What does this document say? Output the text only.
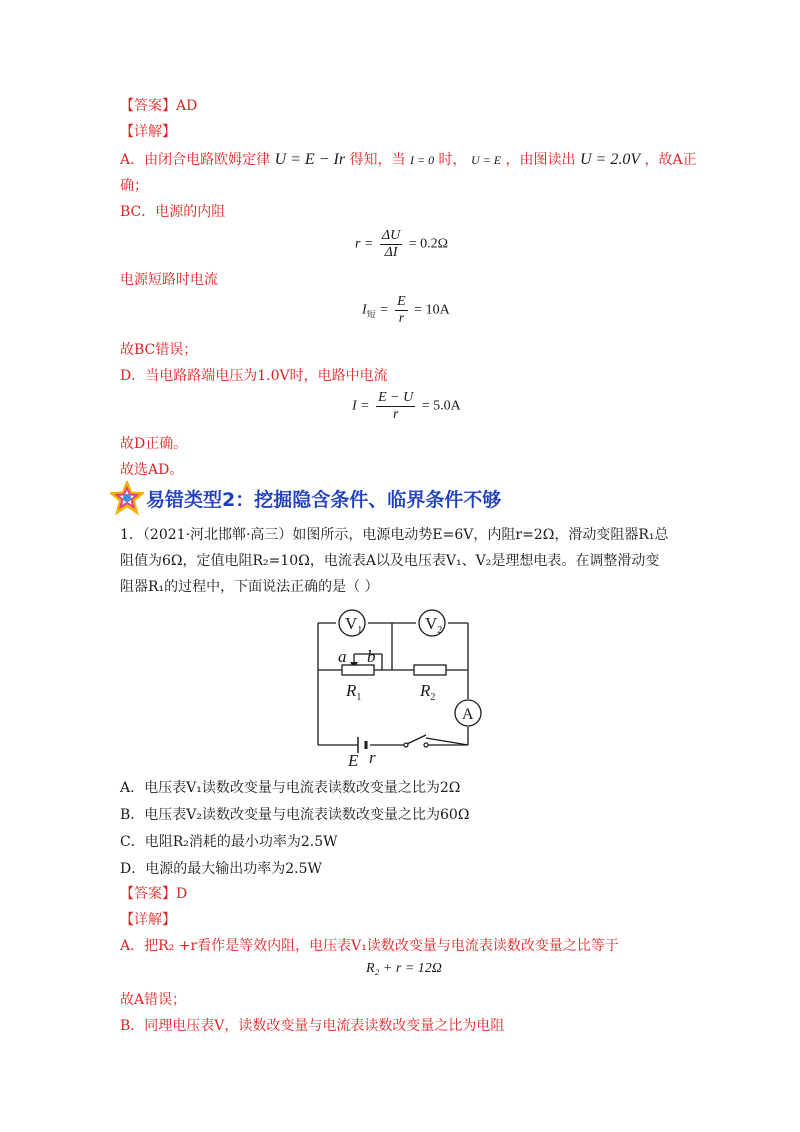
【答案】AD
【详解】
A．由闭合电路欧姆定律 U = E − Ir 得知，当 I = 0 时， U = E ，由图读出 U = 2.0V ，故A正
确；
BC．电源的内阻
$r = \frac{\Delta U}{\Delta I} = 0.2\Omega$
电源短路时电流
$I_短 = \frac{E}{r} = 10A$
故BC错误；
D．当电路路端电压为1.0V时，电路中电流
$I = \frac{E - U}{r} = 5.0A$
故D正确。
故选AD。
易错类型2：挖掘隐含条件、临界条件不够
1．（2021·河北邯郸·高三）如图所示，电源电动势E=6V，内阻r=2Ω，滑动变阻器R₁总
阻值为6Ω，定值电阻R₂=10Ω，电流表A以及电压表V₁、V₂是理想电表。在调整滑动变
阻器R₁的过程中，下面说法正确的是（ ）
$V_1$	$V_2$
a b
$R_1$	$R_2$
A
E r
A．电压表V₁读数改变量与电流表读数改变量之比为2Ω
B．电压表V₂读数改变量与电流表读数改变量之比为60Ω
C．电阻R₂消耗的最小功率为2.5W
D．电源的最大输出功率为2.5W
【答案】D
【详解】
A．把R₂ +r看作是等效内阻，电压表V₁读数改变量与电流表读数改变量之比等于
R₂ + r = 12Ω
故A错误；
B．同理电压表V，读数改变量与电流表读数改变量之比为电阻
